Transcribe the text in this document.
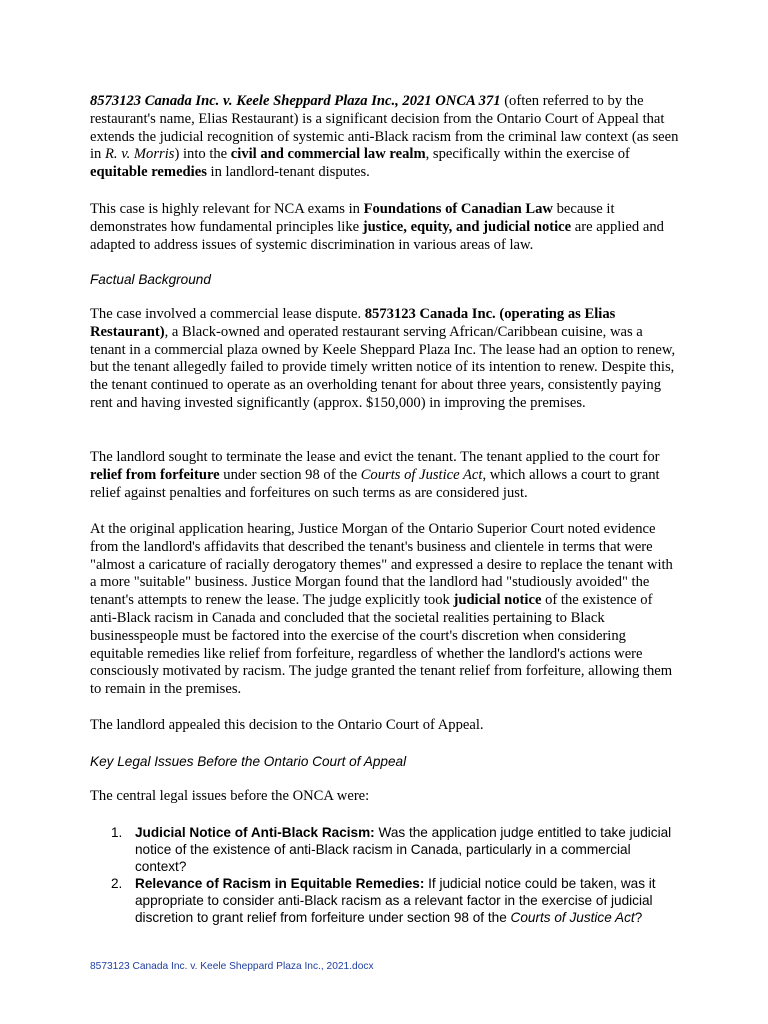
8573123 Canada Inc. v. Keele Sheppard Plaza Inc., 2021 ONCA 371 (often referred to by the restaurant's name, Elias Restaurant) is a significant decision from the Ontario Court of Appeal that extends the judicial recognition of systemic anti-Black racism from the criminal law context (as seen in R. v. Morris) into the civil and commercial law realm, specifically within the exercise of equitable remedies in landlord-tenant disputes.

This case is highly relevant for NCA exams in Foundations of Canadian Law because it demonstrates how fundamental principles like justice, equity, and judicial notice are applied and adapted to address issues of systemic discrimination in various areas of law.

Factual Background

The case involved a commercial lease dispute. 8573123 Canada Inc. (operating as Elias Restaurant), a Black-owned and operated restaurant serving African/Caribbean cuisine, was a tenant in a commercial plaza owned by Keele Sheppard Plaza Inc. The lease had an option to renew, but the tenant allegedly failed to provide timely written notice of its intention to renew. Despite this, the tenant continued to operate as an overholding tenant for about three years, consistently paying rent and having invested significantly (approx. $150,000) in improving the premises.

The landlord sought to terminate the lease and evict the tenant. The tenant applied to the court for relief from forfeiture under section 98 of the Courts of Justice Act, which allows a court to grant relief against penalties and forfeitures on such terms as are considered just.

At the original application hearing, Justice Morgan of the Ontario Superior Court noted evidence from the landlord's affidavits that described the tenant's business and clientele in terms that were "almost a caricature of racially derogatory themes" and expressed a desire to replace the tenant with a more "suitable" business. Justice Morgan found that the landlord had "studiously avoided" the tenant's attempts to renew the lease. The judge explicitly took judicial notice of the existence of anti-Black racism in Canada and concluded that the societal realities pertaining to Black businesspeople must be factored into the exercise of the court's discretion when considering equitable remedies like relief from forfeiture, regardless of whether the landlord's actions were consciously motivated by racism. The judge granted the tenant relief from forfeiture, allowing them to remain in the premises.

The landlord appealed this decision to the Ontario Court of Appeal.

Key Legal Issues Before the Ontario Court of Appeal

The central legal issues before the ONCA were:

1. Judicial Notice of Anti-Black Racism: Was the application judge entitled to take judicial notice of the existence of anti-Black racism in Canada, particularly in a commercial context?
2. Relevance of Racism in Equitable Remedies: If judicial notice could be taken, was it appropriate to consider anti-Black racism as a relevant factor in the exercise of judicial discretion to grant relief from forfeiture under section 98 of the Courts of Justice Act?
8573123 Canada Inc. v. Keele Sheppard Plaza Inc., 2021.docx
